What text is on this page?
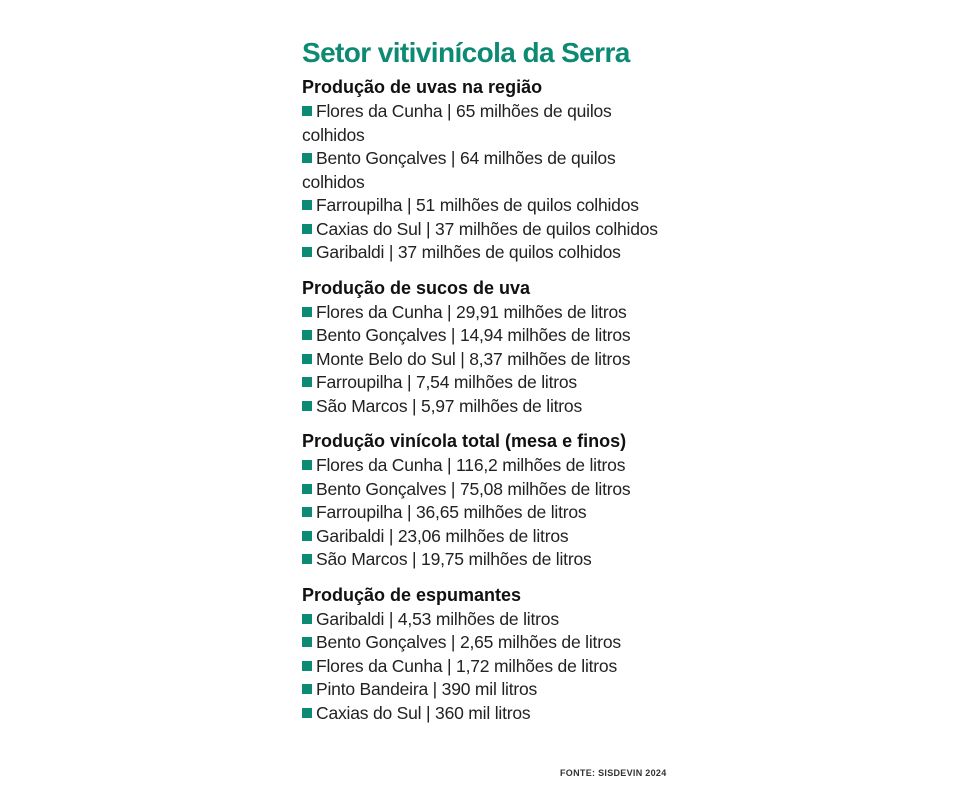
Setor vitivinícola da Serra
Produção de uvas na região
Flores da Cunha | 65 milhões de quilos colhidos
Bento Gonçalves | 64 milhões de quilos colhidos
Farroupilha | 51 milhões de quilos colhidos
Caxias do Sul | 37 milhões de quilos colhidos
Garibaldi | 37 milhões de quilos colhidos
Produção de sucos de uva
Flores da Cunha | 29,91 milhões de litros
Bento Gonçalves | 14,94 milhões de litros
Monte Belo do Sul | 8,37 milhões de litros
Farroupilha | 7,54 milhões de litros
São Marcos | 5,97 milhões de litros
Produção vinícola total (mesa e finos)
Flores da Cunha | 116,2 milhões de litros
Bento Gonçalves | 75,08 milhões de litros
Farroupilha | 36,65 milhões de litros
Garibaldi | 23,06 milhões de litros
São Marcos | 19,75 milhões de litros
Produção de espumantes
Garibaldi | 4,53 milhões de litros
Bento Gonçalves | 2,65 milhões de litros
Flores da Cunha | 1,72 milhões de litros
Pinto Bandeira | 390 mil litros
Caxias do Sul | 360 mil litros
FONTE: SISDEVIN 2024
